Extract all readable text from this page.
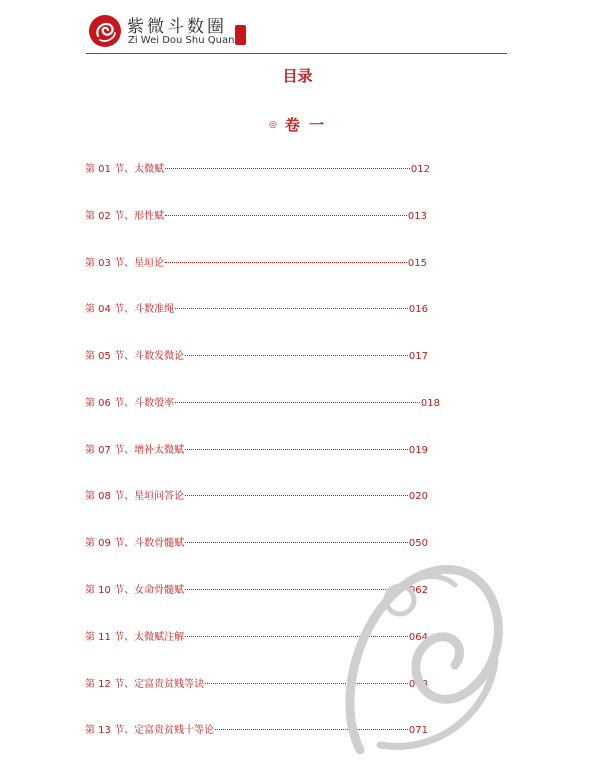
紫微斗数圈
Zi Wei Dou Shu Quan
目录
◎ 卷 一
第 01 节、太微赋	012
第 02 节、形性赋	013
第 03 节、星垣论	015
第 04 节、斗数准绳	016
第 05 节、斗数发微论	017
第 06 节、斗数彀率	018
第 07 节、增补太微赋	019
第 08 节、星垣问答论	020
第 09 节、斗数骨髓赋	050
第 10 节、女命骨髓赋	062
第 11 节、太微赋注解	064
第 12 节、定富贵贫贱等诀	068
第 13 节、定富贵贫贱十等论	071
